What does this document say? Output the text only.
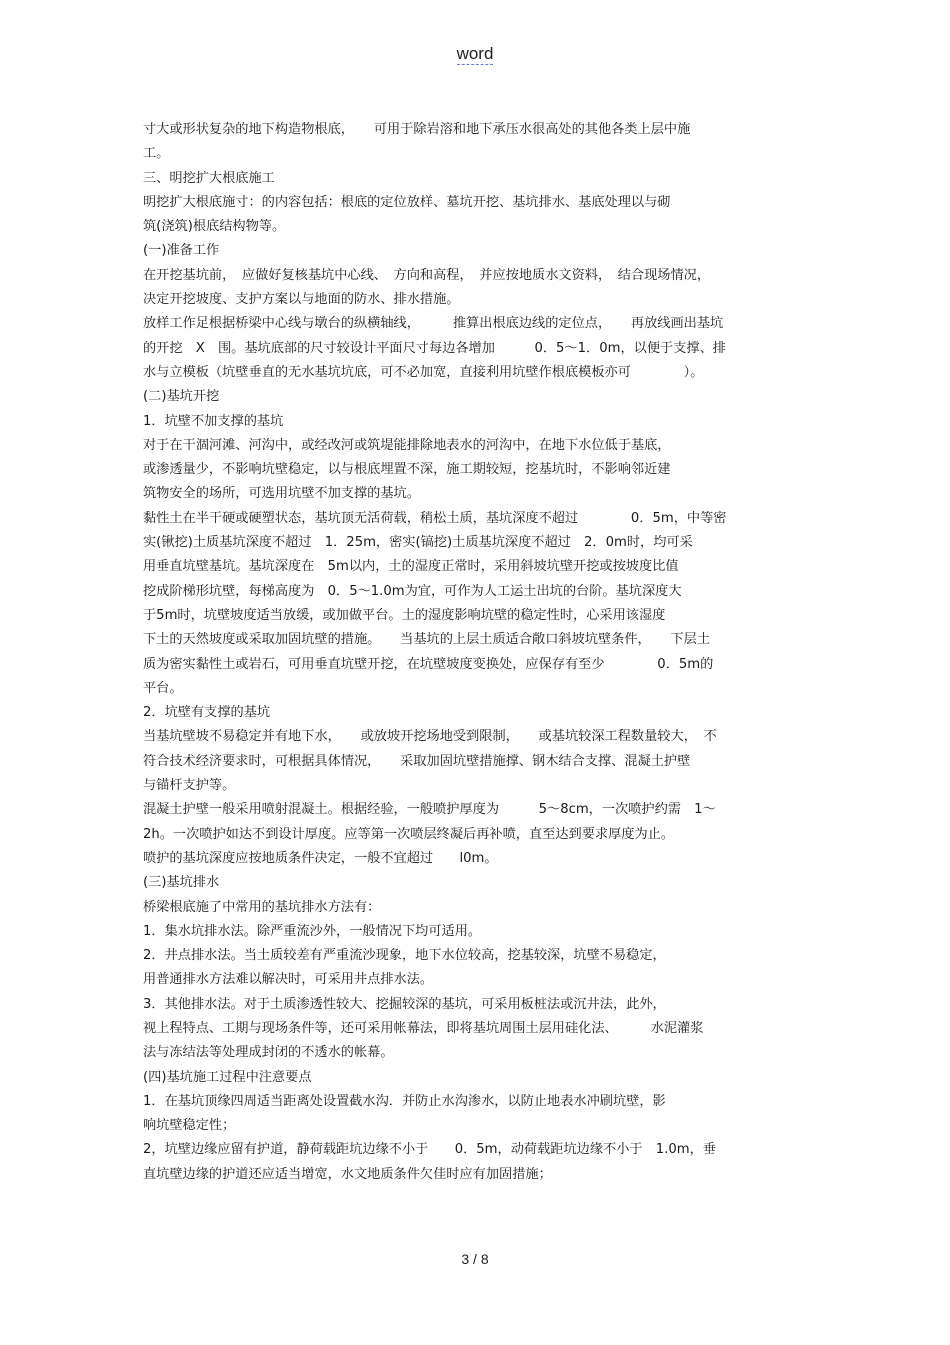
word
寸大或形状复杂的地下构造物根底，　　可用于除岩溶和地下承压水很高处的其他各类上层中施
工。
三、明挖扩大根底施工
明挖扩大根底施寸：的内容包括：根底的定位放样、墓坑开挖、基坑排水、基底处理以与砌
筑(浇筑)根底结构物等。
(一)准备工作
在开挖基坑前，　应做好复核基坑中心线、　方向和高程，　并应按地质水文资料，　结合现场情况，
决定开挖坡度、支护方案以与地面的防水、排水措施。
放样工作足根据桥梁中心线与墩台的纵横轴线，　　　推算出根底边线的定位点，　　再放线画出基坑
的开挖　X　围。基坑底部的尺寸较设计平面尺寸每边各增加　　　0．5～1．0m，以便于支撑、排
水与立模板（坑壁垂直的无水基坑坑底，可不必加宽，直接利用坑壁作根底模板亦可　　　　）。
(二)基坑开挖
1．坑壁不加支撑的基坑
对于在干涸河滩、河沟中，或经改河或筑堤能排除地表水的河沟中，在地下水位低于基底，
或渗透量少，不影响坑壁稳定，以与根底埋置不深，施工期较短，挖基坑时，不影响邻近建
筑物安全的场所，可选用坑壁不加支撑的基坑。
黏性土在半干硬或硬塑状态，基坑顶无活荷载，稍松土质，基坑深度不超过　　　　0．5m，中等密
实(锹挖)土质基坑深度不超过　1．25m，密实(镐挖)土质基坑深度不超过　2．0m时，均可采
用垂直坑壁基坑。基坑深度在　5m以内，土的湿度正常时，采用斜坡坑壁开挖或按坡度比值
挖成阶梯形坑壁，每梯高度为　0．5～1.0m为宜，可作为人工运土出坑的台阶。基坑深度大
于5m时，坑壁坡度适当放缓，或加做平台。土的湿度影响坑壁的稳定性时，心采用该湿度
下土的天然坡度或采取加固坑壁的措施。　　当基坑的上层土质适合敞口斜坡坑壁条件，　　下层土
质为密实黏性土或岩石，可用垂直坑壁开挖，在坑壁坡度变换处，应保存有至少　　　　0．5m的
平台。
2．坑壁有支撑的基坑
当基坑壁坡不易稳定并有地下水，　　或放坡开挖场地受到限制，　　或基坑较深工程数量较大，　不
符合技术经济要求时，可根据具体情况，　　采取加固坑壁措施撑、钢木结合支撑、混凝土护壁
与锚杆支护等。
混凝土护壁一般采用喷射混凝土。根据经验，一般喷护厚度为　　　5～8cm，一次喷护约需　1～
2h。一次喷护如达不到设计厚度。应等第一次喷层终凝后再补喷，直至达到要求厚度为止。
喷护的基坑深度应按地质条件决定，一般不宜超过　　l0m。
(三)基坑排水
桥梁根底施了中常用的基坑排水方法有：
1．集水坑排水法。除严重流沙外，一般情况下均可适用。
2．井点排水法。当土质较差有严重流沙现象，地下水位较高，挖基较深，坑壁不易稳定，
用普通排水方法难以解决时，可采用井点排水法。
3．其他排水法。对于土质渗透性较大、挖掘较深的基坑，可采用板桩法或沉井法，此外，
视上程特点、工期与现场条件等，还可采用帐幕法，即将基坑周围土层用硅化法、　　　水泥灌浆
法与冻结法等处理成封闭的不透水的帐幕。
(四)基坑施工过程中注意要点
1．在基坑顶缘四周适当距离处设置截水沟．并防止水沟渗水，以防止地表水冲刷坑壁，影
响坑壁稳定性；
2，坑壁边缘应留有护道，静荷载距坑边缘不小于　　0．5m，动荷载距坑边缘不小于　1.0m，垂
直坑壁边缘的护道还应适当增宽，水文地质条件欠佳时应有加固措施；
3 / 8
